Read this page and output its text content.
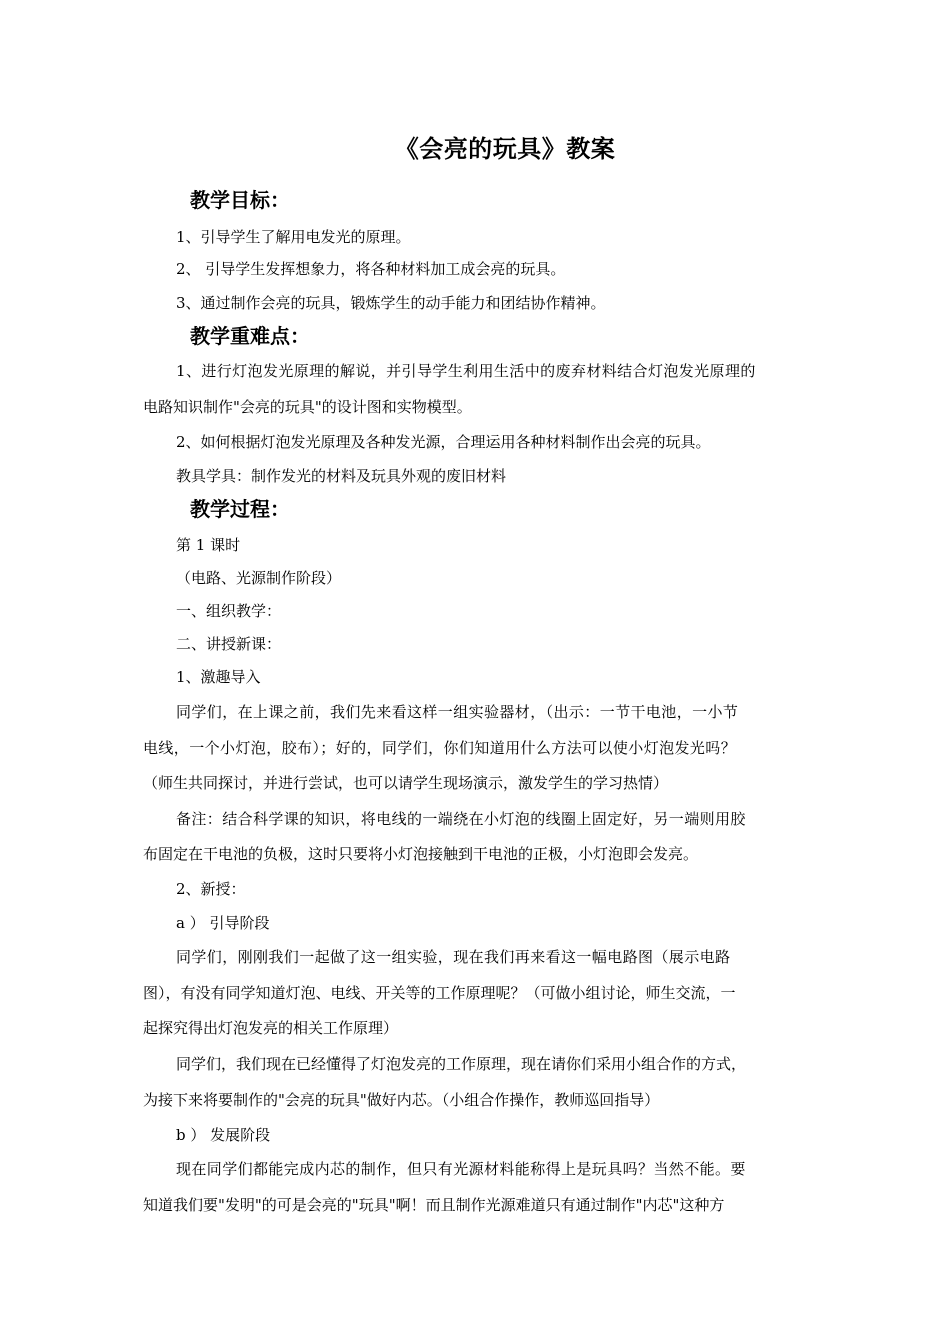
《会亮的玩具》教案
教学目标：
1、引导学生了解用电发光的原理。
2、 引导学生发挥想象力，将各种材料加工成会亮的玩具。
3、通过制作会亮的玩具，锻炼学生的动手能力和团结协作精神。
教学重难点：
1、进行灯泡发光原理的解说，并引导学生利用生活中的废弃材料结合灯泡发光原理的
电路知识制作"会亮的玩具"的设计图和实物模型。
2、如何根据灯泡发光原理及各种发光源，合理运用各种材料制作出会亮的玩具。
教具学具：制作发光的材料及玩具外观的废旧材料
教学过程：
第 1 课时
（电路、光源制作阶段）
一、组织教学：
二、讲授新课：
1、激趣导入
同学们，在上课之前，我们先来看这样一组实验器材，（出示：一节干电池，一小节
电线，一个小灯泡，胶布）；好的，同学们，你们知道用什么方法可以使小灯泡发光吗？
（师生共同探讨，并进行尝试，也可以请学生现场演示，激发学生的学习热情）
备注：结合科学课的知识，将电线的一端绕在小灯泡的线圈上固定好，另一端则用胶
布固定在干电池的负极，这时只要将小灯泡接触到干电池的正极，小灯泡即会发亮。
2、新授：
a ） 引导阶段
同学们，刚刚我们一起做了这一组实验，现在我们再来看这一幅电路图（展示电路
图），有没有同学知道灯泡、电线、开关等的工作原理呢？（可做小组讨论，师生交流，一
起探究得出灯泡发亮的相关工作原理）
同学们，我们现在已经懂得了灯泡发亮的工作原理，现在请你们采用小组合作的方式，
为接下来将要制作的"会亮的玩具"做好内芯。（小组合作操作，教师巡回指导）
b ） 发展阶段
现在同学们都能完成内芯的制作，但只有光源材料能称得上是玩具吗？当然不能。要
知道我们要"发明"的可是会亮的"玩具"啊！而且制作光源难道只有通过制作"内芯"这种方
